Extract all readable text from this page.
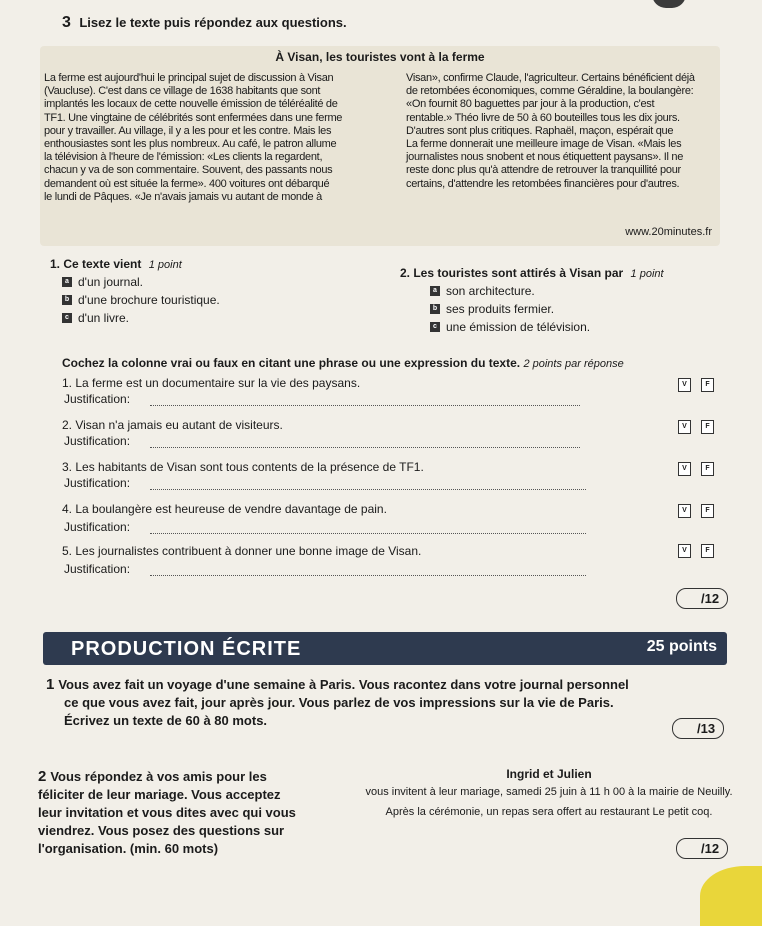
3 Lisez le texte puis répondez aux questions.
À Visan, les touristes vont à la ferme
La ferme est aujourd'hui le principal sujet de discussion à Visan
(Vaucluse). C'est dans ce village de 1638 habitants que sont
implantés les locaux de cette nouvelle émission de téléréalité de
TF1. Une vingtaine de célébrités sont enfermées dans une ferme
pour y travailler. Au village, il y a les pour et les contre. Mais les
enthousiastes sont les plus nombreux. Au café, le patron allume
la télévision à l'heure de l'émission: «Les clients la regardent,
chacun y va de son commentaire. Souvent, des passants nous
demandent où est située la ferme». 400 voitures ont débarqué
le lundi de Pâques. «Je n'avais jamais vu autant de monde à
Visan», confirme Claude, l'agriculteur. Certains bénéficient déjà
de retombées économiques, comme Géraldine, la boulangère:
«On fournit 80 baguettes par jour à la production, c'est
rentable.» Théo livre de 50 à 60 bouteilles tous les dix jours.
D'autres sont plus critiques. Raphaël, maçon, espérait que
La ferme donnerait une meilleure image de Visan. «Mais les
journalistes nous snobent et nous étiquettent paysans». Il ne
reste donc plus qu'à attendre de retrouver la tranquillité pour
certains, d'attendre les retombées financières pour d'autres.
www.20minutes.fr
1. Ce texte vient 1 point
a d'un journal.
b d'une brochure touristique.
c d'un livre.
2. Les touristes sont attirés à Visan par 1 point
a son architecture.
b ses produits fermier.
c une émission de télévision.
Cochez la colonne vrai ou faux en citant une phrase ou une expression du texte. 2 points par réponse
1. La ferme est un documentaire sur la vie des paysans.	V	F
Justification:
2. Visan n'a jamais eu autant de visiteurs.	V	F
Justification:
3. Les habitants de Visan sont tous contents de la présence de TF1.	V	F
Justification:
4. La boulangère est heureuse de vendre davantage de pain.	V	F
Justification:
5. Les journalistes contribuent à donner une bonne image de Visan.	V	F
Justification:
/12
PRODUCTION ÉCRITE	25 points
1 Vous avez fait un voyage d'une semaine à Paris. Vous racontez dans votre journal personnel
ce que vous avez fait, jour après jour. Vous parlez de vos impressions sur la vie de Paris.
Écrivez un texte de 60 à 80 mots.
/13
2 Vous répondez à vos amis pour les
féliciter de leur mariage. Vous acceptez
leur invitation et vous dites avec qui vous
viendrez. Vous posez des questions sur
l'organisation. (min. 60 mots)
Ingrid et Julien
vous invitent à leur mariage, samedi 25 juin à 11 h 00 à la mairie de Neuilly.
Après la cérémonie, un repas sera offert au restaurant Le petit coq.
/12
